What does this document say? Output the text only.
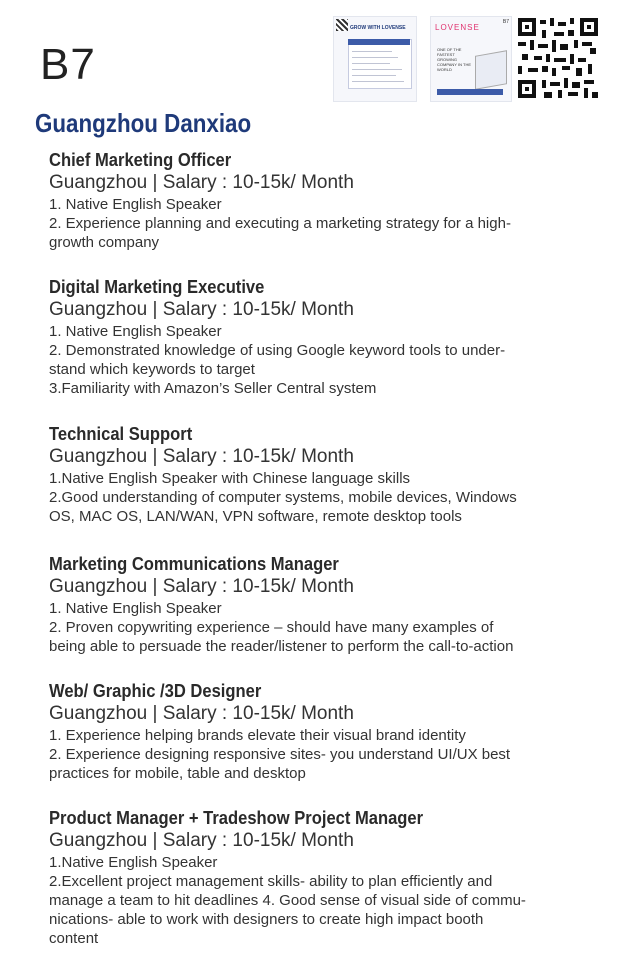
B7
Guangzhou Danxiao
GROW WITH LOVENSE	LOVENSE
B7
ONE OF THE FASTEST GROWING COMPANY IN THE WORLD
Chief Marketing Officer
Guangzhou | Salary : 10-15k/ Month
1. Native English Speaker
2. Experience planning and executing a marketing strategy for a high-
growth company
Digital Marketing Executive
Guangzhou | Salary : 10-15k/ Month
1. Native English Speaker
2. Demonstrated knowledge of using Google keyword tools to under-
stand which keywords to target
3.Familiarity with Amazon’s Seller Central system
Technical Support
Guangzhou | Salary : 10-15k/ Month
1.Native English Speaker with Chinese language skills
2.Good understanding of computer systems, mobile devices, Windows
OS, MAC OS, LAN/WAN, VPN software, remote desktop tools
Marketing Communications Manager
Guangzhou | Salary : 10-15k/ Month
1. Native English Speaker
2. Proven copywriting experience – should have many examples of
being able to persuade the reader/listener to perform the call-to-action
Web/ Graphic /3D Designer
Guangzhou | Salary : 10-15k/ Month
1. Experience helping brands elevate their visual brand identity
2. Experience designing responsive sites- you understand UI/UX best
practices for mobile, table and desktop
Product Manager + Tradeshow Project Manager
Guangzhou | Salary : 10-15k/ Month
1.Native English Speaker
2.Excellent project management skills- ability to plan efficiently and
manage a team to hit deadlines 4. Good sense of visual side of commu-
nications- able to work with designers to create high impact booth
content
